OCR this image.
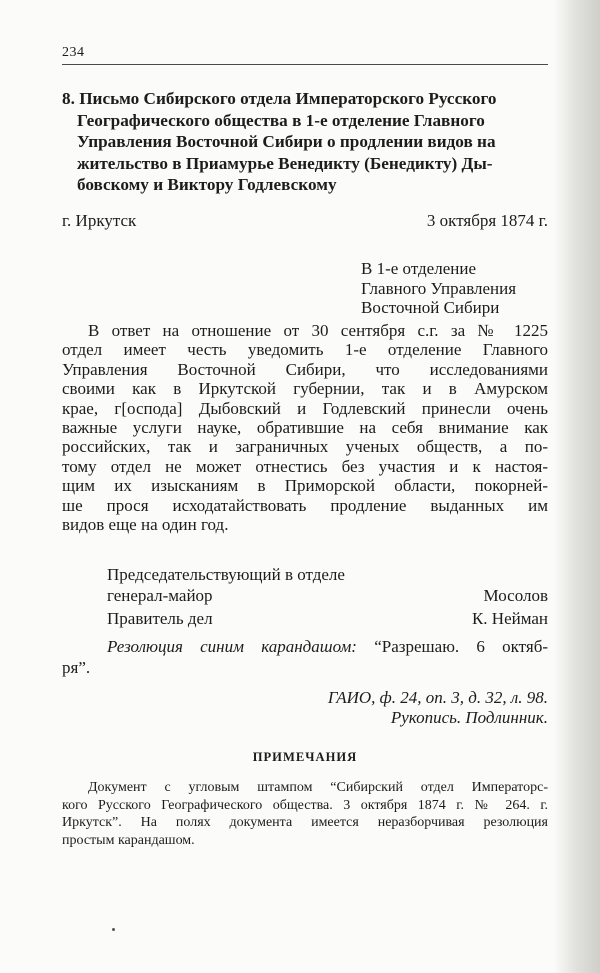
234
8. Письмо Сибирского отдела Императорского Русского
Географического общества в 1-е отделение Главного
Управления Восточной Сибири о продлении видов на
жительство в Приамурье Венедикту (Бенедикту) Ды-
бовскому и Виктору Годлевскому
г. Иркутск	3 октября 1874 г.
В 1-е отделение
Главного Управления
Восточной Сибири
В ответ на отношение от 30 сентября с.г. за № 1225
отдел имеет честь уведомить 1-е отделение Главного
Управления Восточной Сибири, что исследованиями
своими как в Иркутской губернии, так и в Амурском
крае, г[оспода] Дыбовский и Годлевский принесли очень
важные услуги науке, обратившие на себя внимание как
российских, так и заграничных ученых обществ, а по-
тому отдел не может отнестись без участия и к настоя-
щим их изысканиям в Приморской области, покорней-
ше прося исходатайствовать продление выданных им
видов еще на один год.
Председательствующий в отделе
генерал-майор	Мосолов
Правитель дел	К. Нейман
Резолюция синим карандашом: “Разрешаю. 6 октяб-
ря”.
ГАИО, ф. 24, оп. 3, д. 32, л. 98.
Рукопись. Подлинник.
ПРИМЕЧАНИЯ
Документ с угловым штампом “Сибирский отдел Императорс-
кого Русского Географического общества. 3 октября 1874 г. № 264. г.
Иркутск”. На полях документа имеется неразборчивая резолюция
простым карандашом.
